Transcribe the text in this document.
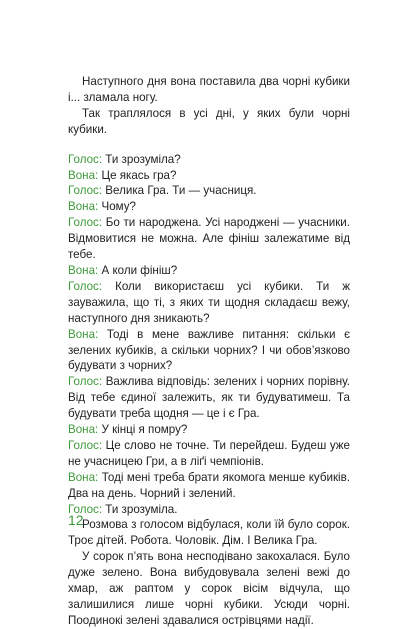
Наступного дня вона поставила два чорні кубики і... зламала ногу.

Так траплялося в усі дні, у яких були чорні кубики.

Голос: Ти зрозуміла?

Вона: Це якась гра?

Голос: Велика Гра. Ти — учасниця.

Вона: Чому?

Голос: Бо ти народжена. Усі народжені — учасники. Відмовитися не можна. Але фініш залежатиме від тебе.

Вона: А коли фініш?

Голос: Коли використаєш усі кубики. Ти ж зауважила, що ті, з яких ти щодня складаєш вежу, наступного дня зникають?

Вона: Тоді в мене важливе питання: скільки є зелених кубиків, а скільки чорних? І чи обов’язково будувати з чорних?

Голос: Важлива відповідь: зелених і чорних порівну. Від тебе єдиної залежить, як ти будуватимеш. Та будувати треба щодня — це і є Гра.

Вона: У кінці я помру?

Голос: Це слово не точне. Ти перейдеш. Будеш уже не учасницею Гри, а в ліґі чемпіонів.

Вона: Тоді мені треба брати якомога менше кубиків. Два на день. Чорний і зелений.

Голос: Ти зрозуміла.

Розмова з голосом відбулася, коли їй було сорок. Троє дітей. Робота. Чоловік. Дім. І Велика Гра.

У сорок п’ять вона несподівано закохалася. Було дуже зелено. Вона вибудовувала зелені вежі до хмар, аж раптом у сорок вісім відчула, що залишилися лише чорні кубики. Усюди чорні. Поодинокі зелені здавалися острівцями надії.

12
